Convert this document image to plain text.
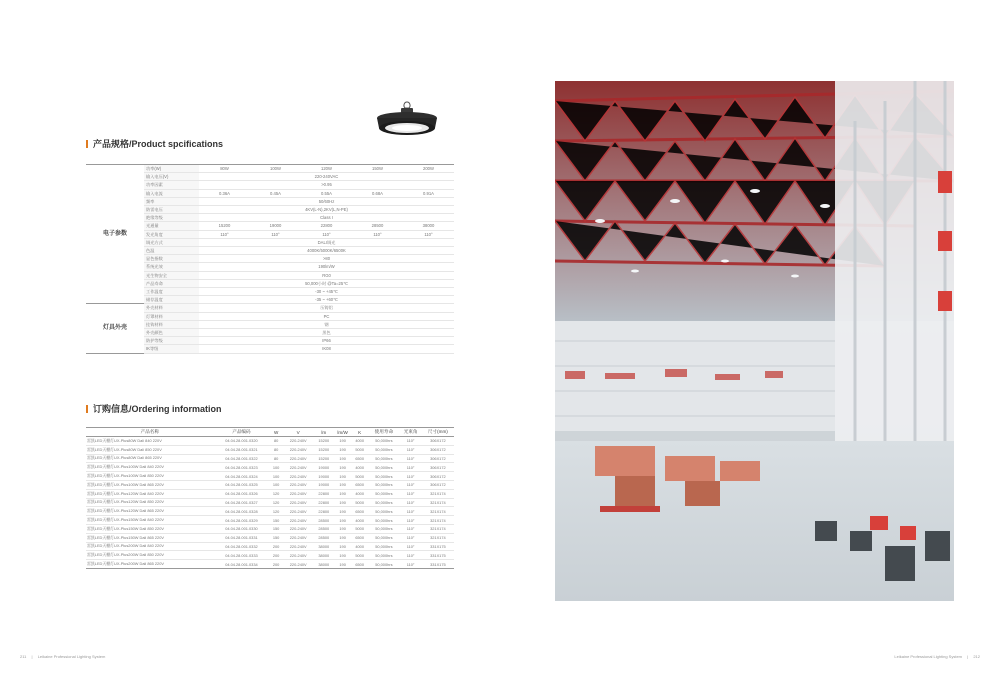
产品规格/Product spcifications
电子参数	功率(W)	80W	100W	120W	150W	200W
	输入电压(V)	220-240VAC				
	功率因素	>0.95				
	输入电流	0.36A	0.45A	0.55A	0.68A	0.91A
	频率	50/60Hz				
	防雷电压	4KV(L-N),2KV(L,N-PE)				
	绝缘等级	Class I				
	光通量	15200	19000	22800	28500	38000
	发光角度	110°	110°	110°	110°	110°
	调光方式	DALI调光				
	色温	4000K/5000K/6500K				
	显色指数	>80				
	系统光效	190lm/W				
	光生物安全	RG0				
	产品寿命	50,000小时 @Ta=25℃				
	工作温度	-30 ~ +45℃				
	储存温度	-35 ~ +60℃				
灯具外壳	外壳材料	压铸铝				
	灯罩材料	PC				
	挂钩材料	钢				
	外壳颜色	黑色				
	防护等级	IP66				
	IK等级	IK08				
订购信息/Ordering information
产品名称	产品编码	W	V	lm	lm/W	K	使用寿命	光束角	尺寸(mm)
雷凯LED天棚灯UX-Plus80W Dali 840 220V	04.04.28.001.0320	80	220-240V	15200	190	4000	50,000hrs	110°	306X172
雷凯LED天棚灯UX-Plus80W Dali 850 220V	04.04.28.001.0321	80	220-240V	15200	190	5000	50,000hrs	110°	306X172
雷凯LED天棚灯UX-Plus80W Dali 865 220V	04.04.28.001.0322	80	220-240V	15200	190	6500	50,000hrs	110°	306X172
雷凯LED天棚灯UX-Plus100W Dali 840 220V	04.04.28.001.0323	100	220-240V	19000	190	4000	50,000hrs	110°	306X172
雷凯LED天棚灯UX-Plus100W Dali 850 220V	04.04.28.001.0324	100	220-240V	19000	190	5000	50,000hrs	110°	306X172
雷凯LED天棚灯UX-Plus100W Dali 865 220V	04.04.28.001.0325	100	220-240V	19000	190	6500	50,000hrs	110°	306X172
雷凯LED天棚灯UX-Plus120W Dali 840 220V	04.04.28.001.0326	120	220-240V	22800	190	4000	50,000hrs	110°	321X174
雷凯LED天棚灯UX-Plus120W Dali 850 220V	04.04.28.001.0327	120	220-240V	22800	190	5000	50,000hrs	110°	321X174
雷凯LED天棚灯UX-Plus120W Dali 865 220V	04.04.28.001.0328	120	220-240V	22800	190	6500	50,000hrs	110°	321X174
雷凯LED天棚灯UX-Plus150W Dali 840 220V	04.04.28.001.0329	150	220-240V	28500	190	4000	50,000hrs	110°	321X174
雷凯LED天棚灯UX-Plus150W Dali 850 220V	04.04.28.001.0330	150	220-240V	28500	190	5000	50,000hrs	110°	321X174
雷凯LED天棚灯UX-Plus150W Dali 865 220V	04.04.28.001.0331	150	220-240V	28500	190	6500	50,000hrs	110°	321X174
雷凯LED天棚灯UX-Plus200W Dali 840 220V	04.04.28.001.0332	200	220-240V	38000	190	4000	50,000hrs	110°	331X175
雷凯LED天棚灯UX-Plus200W Dali 850 220V	04.04.28.001.0333	200	220-240V	38000	190	5000	50,000hrs	110°	331X175
雷凯LED天棚灯UX-Plus200W Dali 865 220V	04.04.28.001.0334	200	220-240V	38000	190	6500	50,000hrs	110°	331X175
211 | Leikaine Professional Lighting System	Leikaine Professional Lighting System | 212
